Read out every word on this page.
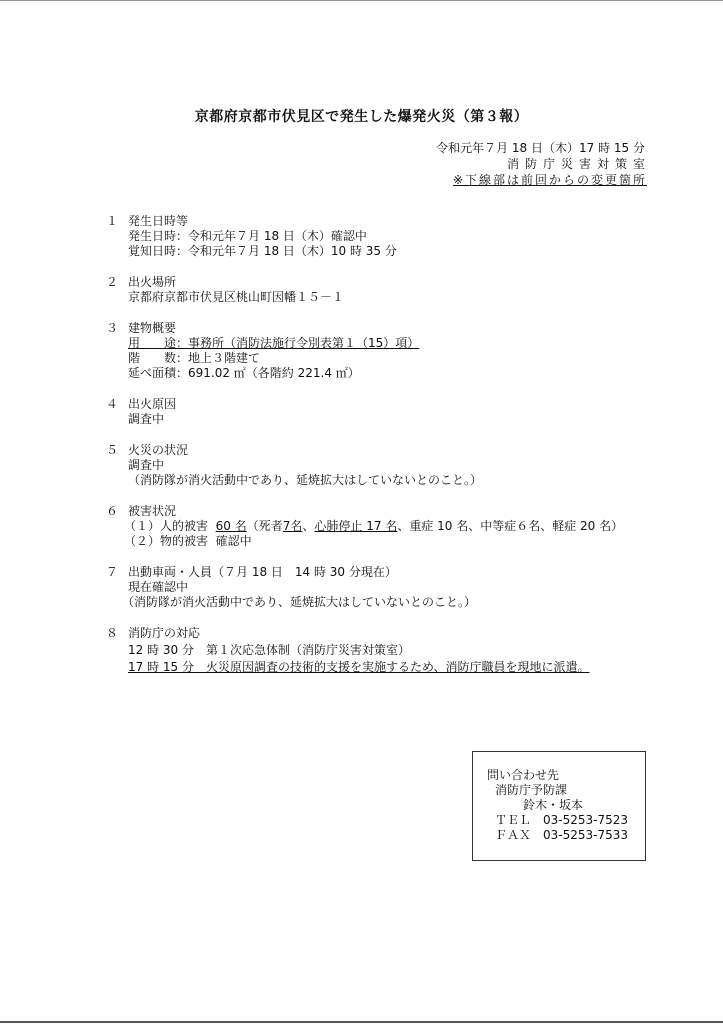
京都府京都市伏見区で発生した爆発火災（第３報）
令和元年７月 18 日（木）17 時 15 分
消防庁災害対策室
※下線部は前回からの変更箇所
１ 発生日時等
発生日時：令和元年７月 18 日（木）確認中
覚知日時：令和元年７月 18 日（木）10 時 35 分
２ 出火場所
京都府京都市伏見区桃山町因幡１５－１
３ 建物概要
用　　途：事務所（消防法施行令別表第１（15）項）
階　　数：地上３階建て
延べ面積：691.02 ㎡（各階約 221.4 ㎡）
４ 出火原因
調査中
５ 火災の状況
調査中
（消防隊が消火活動中であり、延焼拡大はしていないとのこと。）
６ 被害状況
（１）人的被害 60 名（死者7名、心肺停止 17 名、重症 10 名、中等症６名、軽症 20 名）
（２）物的被害 確認中
７ 出動車両・人員（７月 18 日　14 時 30 分現在）
現在確認中
（消防隊が消火活動中であり、延焼拡大はしていないとのこと。）
８ 消防庁の対応
12 時 30 分　第１次応急体制（消防庁災害対策室）
17 時 15 分　火災原因調査の技術的支援を実施するため、消防庁職員を現地に派遣。
問い合わせ先
消防庁予防課
鈴木・坂本
ＴＥＬ　03-5253-7523
ＦＡＸ　03-5253-7533
